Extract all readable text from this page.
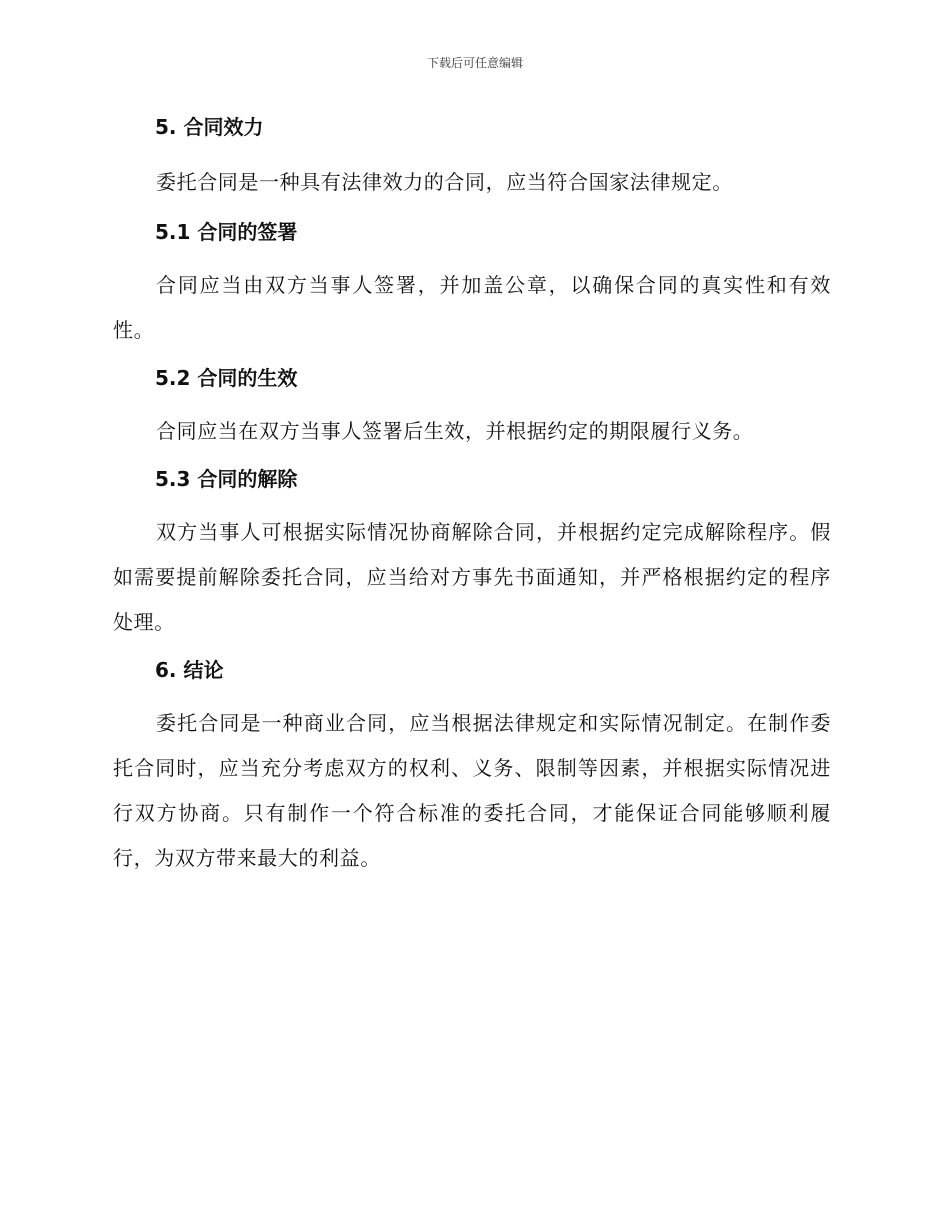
下载后可任意编辑
5. 合同效力

委托合同是一种具有法律效力的合同，应当符合国家法律规定。

5.1 合同的签署

合同应当由双方当事人签署，并加盖公章，以确保合同的真实性和有效性。

5.2 合同的生效

合同应当在双方当事人签署后生效，并根据约定的期限履行义务。

5.3 合同的解除

双方当事人可根据实际情况协商解除合同，并根据约定完成解除程序。假如需要提前解除委托合同，应当给对方事先书面通知，并严格根据约定的程序处理。

6. 结论

委托合同是一种商业合同，应当根据法律规定和实际情况制定。在制作委托合同时，应当充分考虑双方的权利、义务、限制等因素，并根据实际情况进行双方协商。只有制作一个符合标准的委托合同，才能保证合同能够顺利履行，为双方带来最大的利益。
